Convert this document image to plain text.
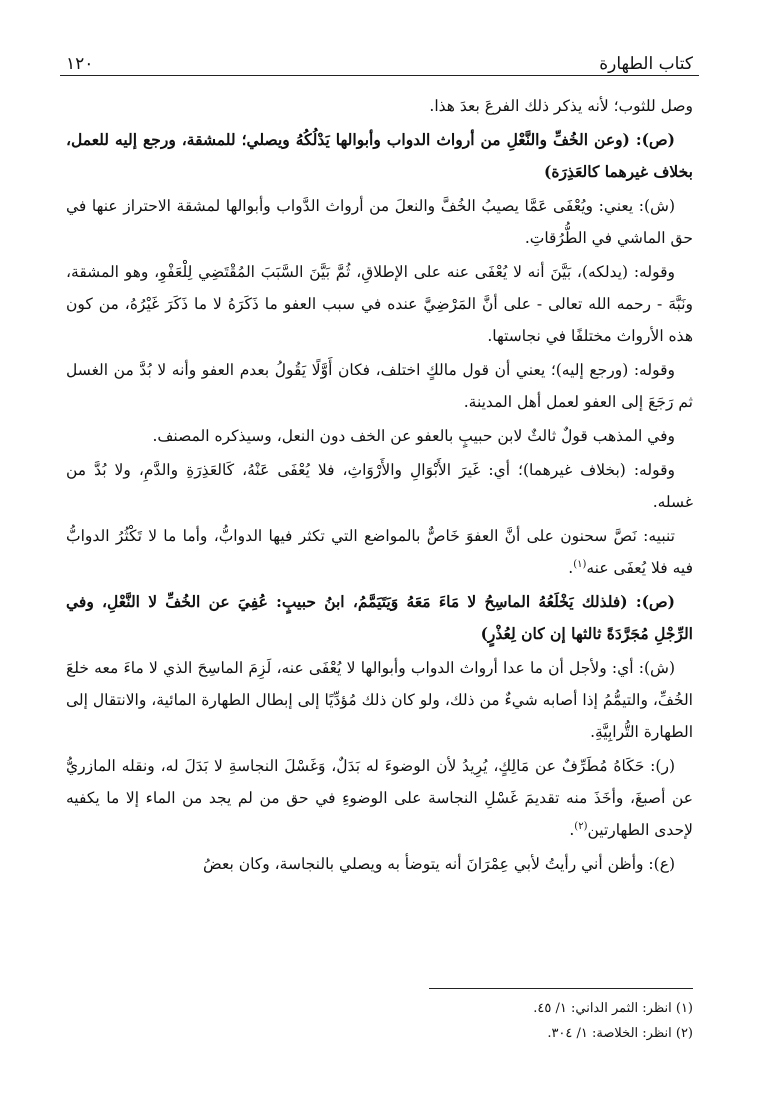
كتاب الطهارة
١٢٠

وصل للثوب؛ لأنه يذكر ذلك الفرعَ بعدَ هذا.

(ص): (وعن الخُفِّ والنَّعْلِ من أرواث الدواب وأبوالها يَدْلُكُهُ ويصلي؛ للمشقة، ورجع إليه للعمل، بخلاف غيرهما كالعَذِرَة)

(ش): يعني: ويُعْفَى عَمَّا يصيبُ الخُفَّ والنعلَ من أرواث الدَّواب وأبوالها لمشقة الاحتراز عنها في حق الماشي في الطُّرُقاتِ.

وقوله: (يدلكه)، بَيَّنَ أنه لا يُعْفَى عنه على الإطلاقِ، ثُمَّ بَيَّنَ السَّبَبَ المُقْتَضِي لِلْعَفْوِ، وهو المشقة، ونَبَّهَ - رحمه الله تعالى - على أنَّ المَرْضِيَّ عنده في سبب العفو ما ذَكَرَهُ لا ما ذَكَرَ غَيْرُهُ، من كون هذه الأرواث مختلفًا في نجاستها.

وقوله: (ورجع إليه)؛ يعني أن قول مالكٍ اختلف، فكان أَوَّلًا يَقُولُ بعدم العفو وأنه لا بُدَّ من الغسل ثم رَجَعَ إلى العفو لعمل أهل المدينة.

وفي المذهب قولٌ ثالثٌ لابن حبيبٍ بالعفو عن الخف دون النعل، وسيذكره المصنف.

وقوله: (بخلاف غيرهما)؛ أي: غَيرَ الأَبْوَالِ والأَرْوَاثِ، فلا يُعْفَى عَنْهُ، كَالعَذِرَةِ والدَّمِ، ولا بُدَّ من غسله.

تنبيه: نَصَّ سحنون على أنَّ العفوَ خَاصٌّ بالمواضع التي تكثر فيها الدوابُّ، وأما ما لا تَكْثُرُ الدوابُّ فيه فلا يُعفَى عنه$^{(١)}$.

(ص): (فلذلك يَخْلَعُهُ الماسِحُ لا مَاءَ مَعَهُ وَيَتَيَمَّمُ، ابنُ حبيبٍ: عُفِيَ عن الخُفِّ لا النَّعْلِ، وفي الرِّجْلِ مُجَرَّدَةً ثالثها إن كان لِعُذْرٍ)

(ش): أي: ولأجل أن ما عدا أرواث الدواب وأبوالها لا يُعْفَى عنه، لَزِمَ الماسِحَ الذي لا ماءَ معه خلعَ الخُفِّ، والتيمُّمُ إذا أصابه شيءٌ من ذلك، ولو كان ذلك مُؤدِّيًا إلى إبطال الطهارة المائية، والانتقال إلى الطهارة التُّرابِيَّةِ.

(ر): حَكَاهُ مُطَرِّفٌ عن مَالِكٍ، يُرِيدُ لأن الوضوءَ له بَدَلٌ، وَغَسْلَ النجاسةِ لا بَدَلَ له، ونقله المازريُّ عن أصبغَ، وأخَذَ منه تقديمَ غَسْلِ النجاسة على الوضوءِ في حق من لم يجد من الماء إلا ما يكفيه لإحدى الطهارتين$^{(٢)}$.

(ع): وأظن أني رأيتُ لأبي عِمْرَانَ أنه يتوضأ به ويصلي بالنجاسة، وكان بعضُ

(١) انظر: الثمر الداني: ١/ ٤٥.
(٢) انظر: الخلاصة: ١/ ٣٠٤.
